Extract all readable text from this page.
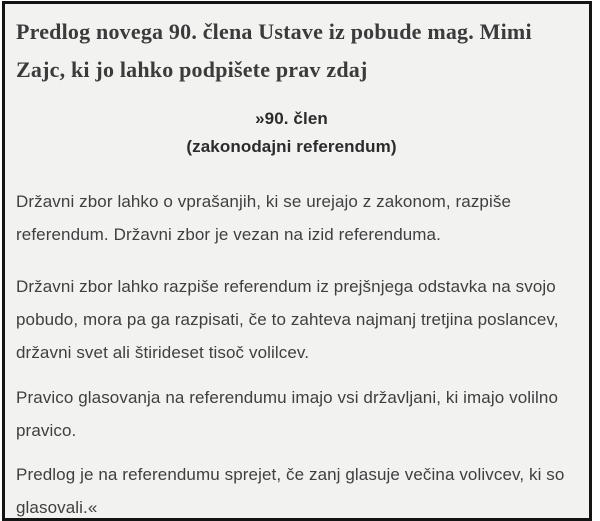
Predlog novega 90. člena Ustave iz pobude mag. Mimi Zajc, ki jo lahko podpišete prav zdaj
»90. člen
(zakonodajni referendum)

Državni zbor lahko o vprašanjih, ki se urejajo z zakonom, razpiše referendum. Državni zbor je vezan na izid referenduma.

Državni zbor lahko razpiše referendum iz prejšnjega odstavka na svojo pobudo, mora pa ga razpisati, če to zahteva najmanj tretjina poslancev, državni svet ali štirideset tisoč volilcev.

Pravico glasovanja na referendumu imajo vsi državljani, ki imajo volilno pravico.

Predlog je na referendumu sprejet, če zanj glasuje večina volivcev, ki so glasovali.«
